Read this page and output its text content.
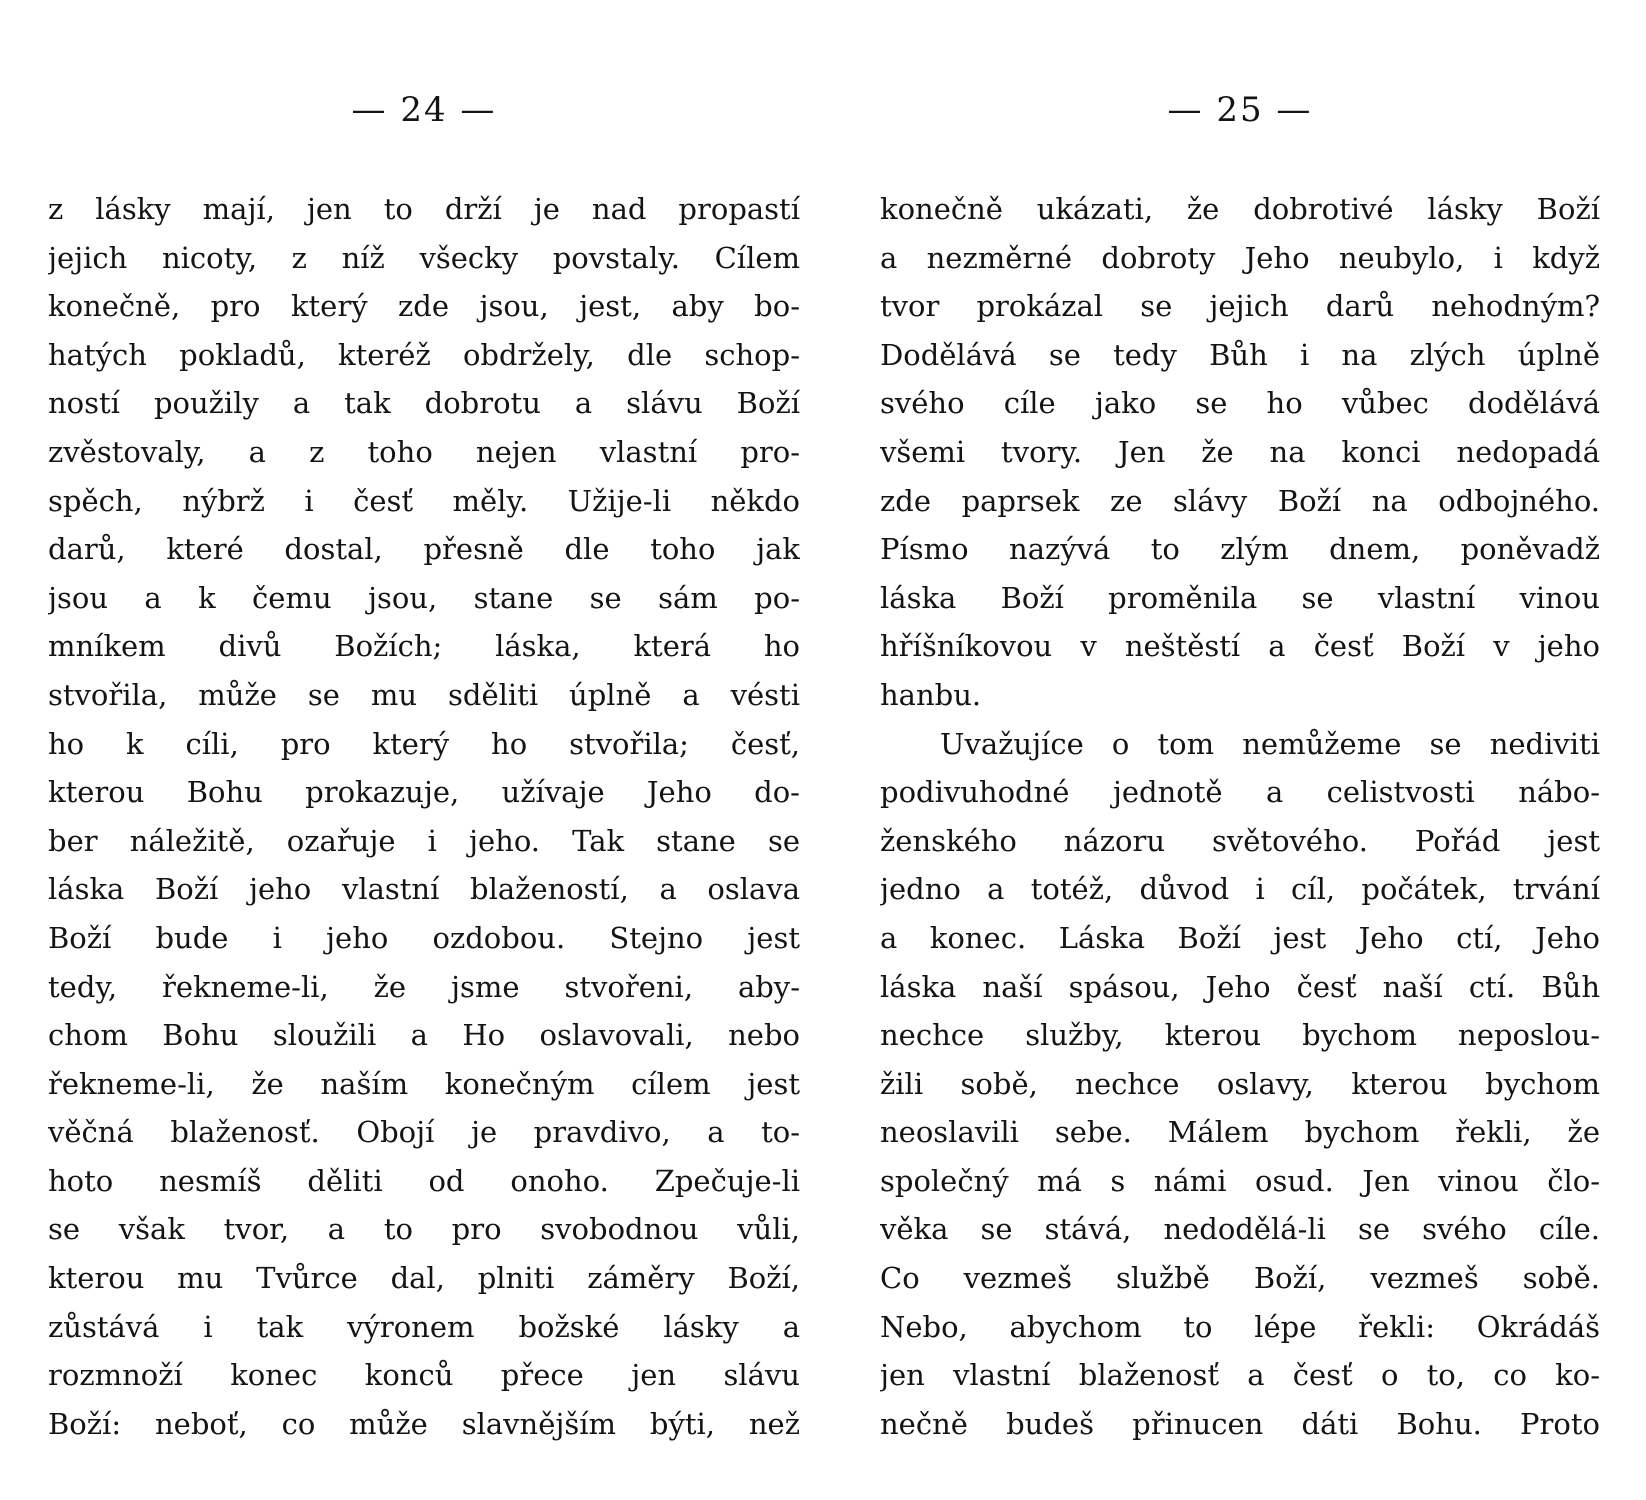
— 24 —
z lásky mají, jen to drží je nad propastí
jejich nicoty, z níž všecky povstaly. Cílem
konečně, pro který zde jsou, jest, aby bo-
hatých pokladů, kteréž obdržely, dle schop-
ností použily a tak dobrotu a slávu Boží
zvěstovaly, a z toho nejen vlastní pro-
spěch, nýbrž i česť měly. Užije-li někdo
darů, které dostal, přesně dle toho jak
jsou a k čemu jsou, stane se sám po-
mníkem divů Božích; láska, která ho
stvořila, může se mu sděliti úplně a vésti
ho k cíli, pro který ho stvořila; česť,
kterou Bohu prokazuje, užívaje Jeho do-
ber náležitě, ozařuje i jeho. Tak stane se
láska Boží jeho vlastní blažeností, a oslava
Boží bude i jeho ozdobou. Stejno jest
tedy, řekneme-li, že jsme stvořeni, aby-
chom Bohu sloužili a Ho oslavovali, nebo
řekneme-li, že naším konečným cílem jest
věčná blaženosť. Obojí je pravdivo, a to-
hoto nesmíš děliti od onoho. Zpečuje-li
se však tvor, a to pro svobodnou vůli,
kterou mu Tvůrce dal, plniti záměry Boží,
zůstává i tak výronem božské lásky a
rozmnoží konec konců přece jen slávu
Boží: neboť, co může slavnějším býti, než
— 25 —
konečně ukázati, že dobrotivé lásky Boží
a nezměrné dobroty Jeho neubylo, i když
tvor prokázal se jejich darů nehodným?
Dodělává se tedy Bůh i na zlých úplně
svého cíle jako se ho vůbec dodělává
všemi tvory. Jen že na konci nedopadá
zde paprsek ze slávy Boží na odbojného.
Písmo nazývá to zlým dnem, poněvadž
láska Boží proměnila se vlastní vinou
hříšníkovou v neštěstí a česť Boží v jeho
hanbu.
Uvažujíce o tom nemůžeme se nediviti
podivuhodné jednotě a celistvosti nábo-
ženského názoru světového. Pořád jest
jedno a totéž, důvod i cíl, počátek, trvání
a konec. Láska Boží jest Jeho ctí, Jeho
láska naší spásou, Jeho česť naší ctí. Bůh
nechce služby, kterou bychom neposlou-
žili sobě, nechce oslavy, kterou bychom
neoslavili sebe. Málem bychom řekli, že
společný má s námi osud. Jen vinou člo-
věka se stává, nedodělá-li se svého cíle.
Co vezmeš službě Boží, vezmeš sobě.
Nebo, abychom to lépe řekli: Okrádáš
jen vlastní blaženosť a česť o to, co ko-
nečně budeš přinucen dáti Bohu. Proto
